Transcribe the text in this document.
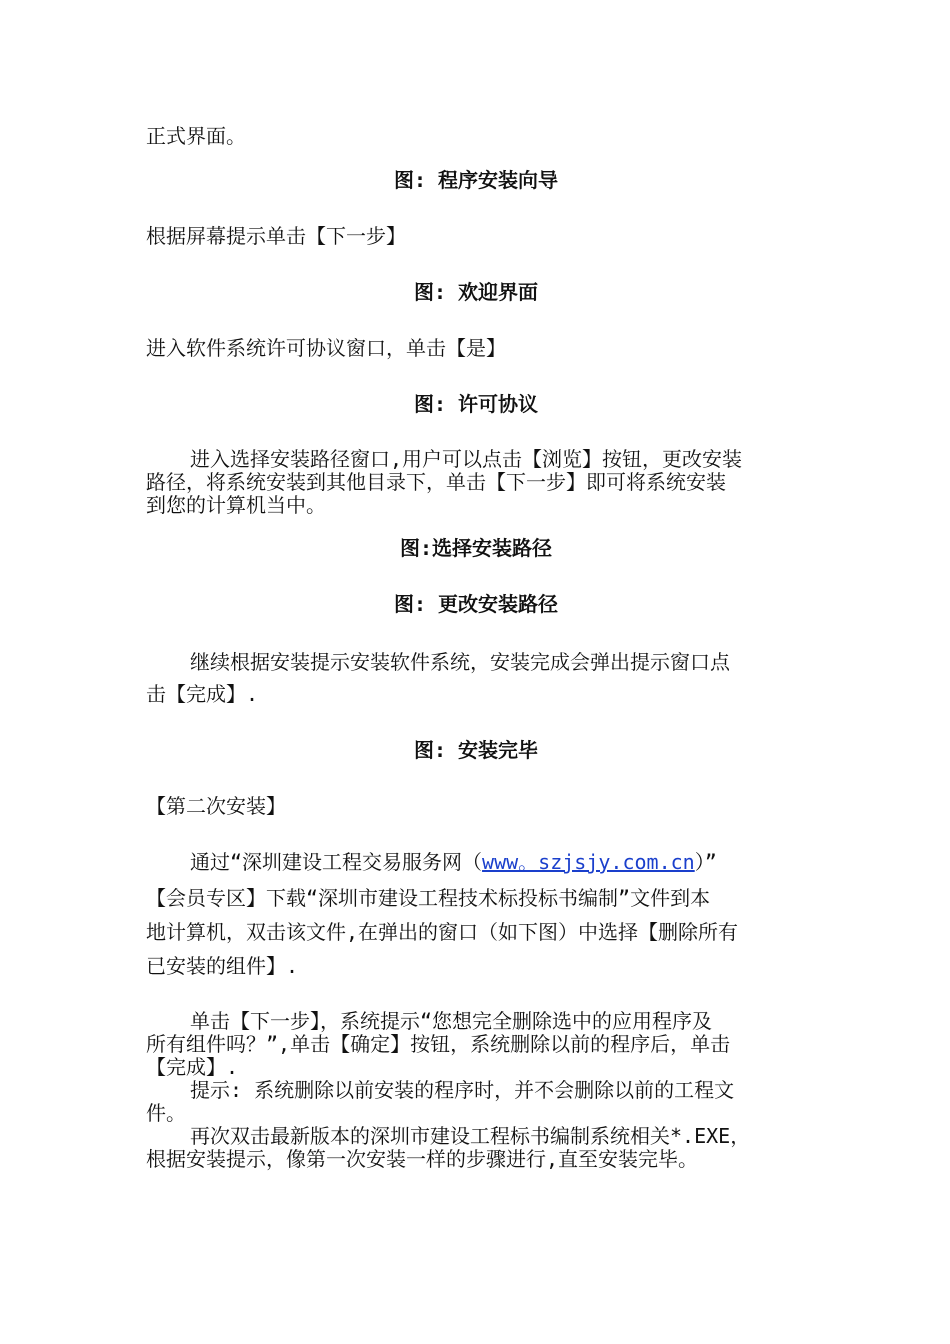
正式界面。
图: 程序安装向导
根据屏幕提示单击【下一步】
图: 欢迎界面
进入软件系统许可协议窗口，单击【是】
图: 许可协议
进入选择安装路径窗口,用户可以点击【浏览】按钮，更改安装
路径，将系统安装到其他目录下，单击【下一步】即可将系统安装
到您的计算机当中。
图:选择安装路径
图: 更改安装路径
继续根据安装提示安装软件系统，安装完成会弹出提示窗口点
击【完成】.
图: 安装完毕
【第二次安装】
通过“深圳建设工程交易服务网（www。szjsjy.com.cn）”
【会员专区】下载“深圳市建设工程技术标投标书编制”文件到本
地计算机，双击该文件,在弹出的窗口（如下图）中选择【删除所有
已安装的组件】.
单击【下一步】，系统提示“您想完全删除选中的应用程序及
所有组件吗？”,单击【确定】按钮，系统删除以前的程序后，单击
【完成】.
提示: 系统删除以前安装的程序时，并不会删除以前的工程文
件。
再次双击最新版本的深圳市建设工程标书编制系统相关*.EXE，
根据安装提示，像第一次安装一样的步骤进行,直至安装完毕。
